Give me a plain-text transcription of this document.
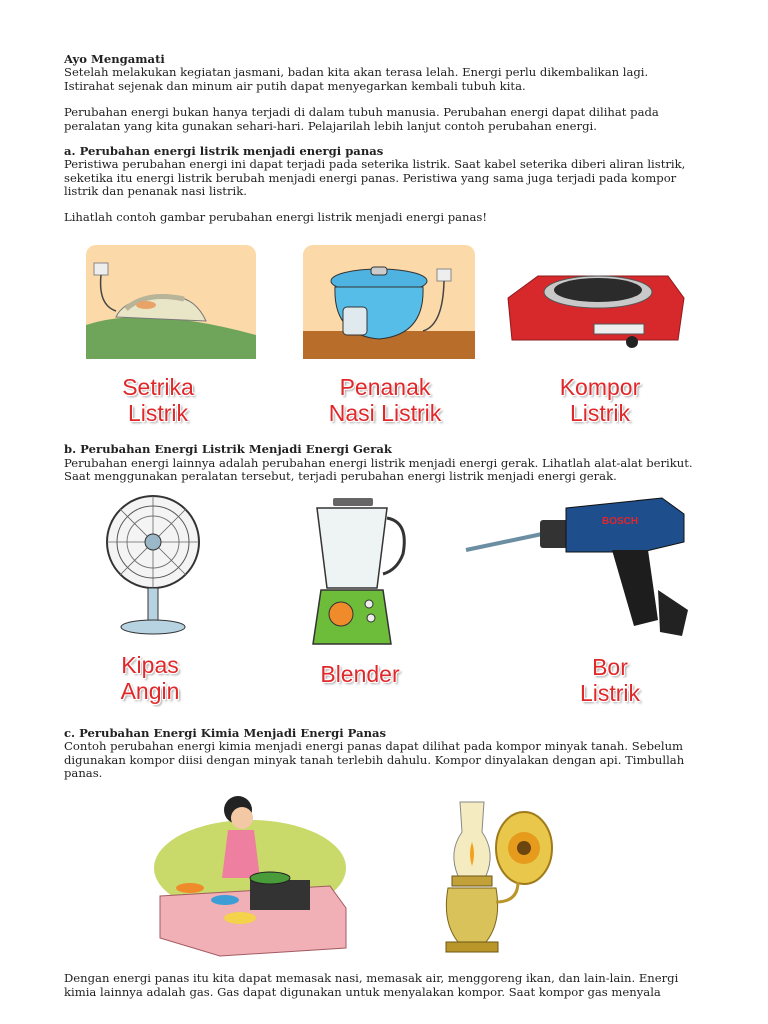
Ayo Mengamati
Setelah melakukan kegiatan jasmani, badan kita akan terasa lelah. Energi perlu dikembalikan lagi.
Istirahat sejenak dan minum air putih dapat menyegarkan kembali tubuh kita.
Perubahan energi bukan hanya terjadi di dalam tubuh manusia. Perubahan energi dapat dilihat pada
peralatan yang kita gunakan sehari-hari. Pelajarilah lebih lanjut contoh perubahan energi.
a. Perubahan energi listrik menjadi energi panas
Peristiwa perubahan energi ini dapat terjadi pada seterika listrik. Saat kabel seterika diberi aliran listrik,
seketika itu energi listrik berubah menjadi energi panas. Peristiwa yang sama juga terjadi pada kompor
listrik dan penanak nasi listrik.
Lihatlah contoh gambar perubahan energi listrik menjadi energi panas!
Setrika
Listrik
Penanak
Nasi Listrik
Kompor
Listrik
b. Perubahan Energi Listrik Menjadi Energi Gerak
Perubahan energi lainnya adalah perubahan energi listrik menjadi energi gerak. Lihatlah alat-alat berikut.
Saat menggunakan peralatan tersebut, terjadi perubahan energi listrik menjadi energi gerak.
BOSCH
Kipas
Angin
Blender	Bor
Listrik
c. Perubahan Energi Kimia Menjadi Energi Panas
Contoh perubahan energi kimia menjadi energi panas dapat dilihat pada kompor minyak tanah. Sebelum
digunakan kompor diisi dengan minyak tanah terlebih dahulu. Kompor dinyalakan dengan api. Timbullah
panas.
Dengan energi panas itu kita dapat memasak nasi, memasak air, menggoreng ikan, dan lain-lain. Energi
kimia lainnya adalah gas. Gas dapat digunakan untuk menyalakan kompor. Saat kompor gas menyala
